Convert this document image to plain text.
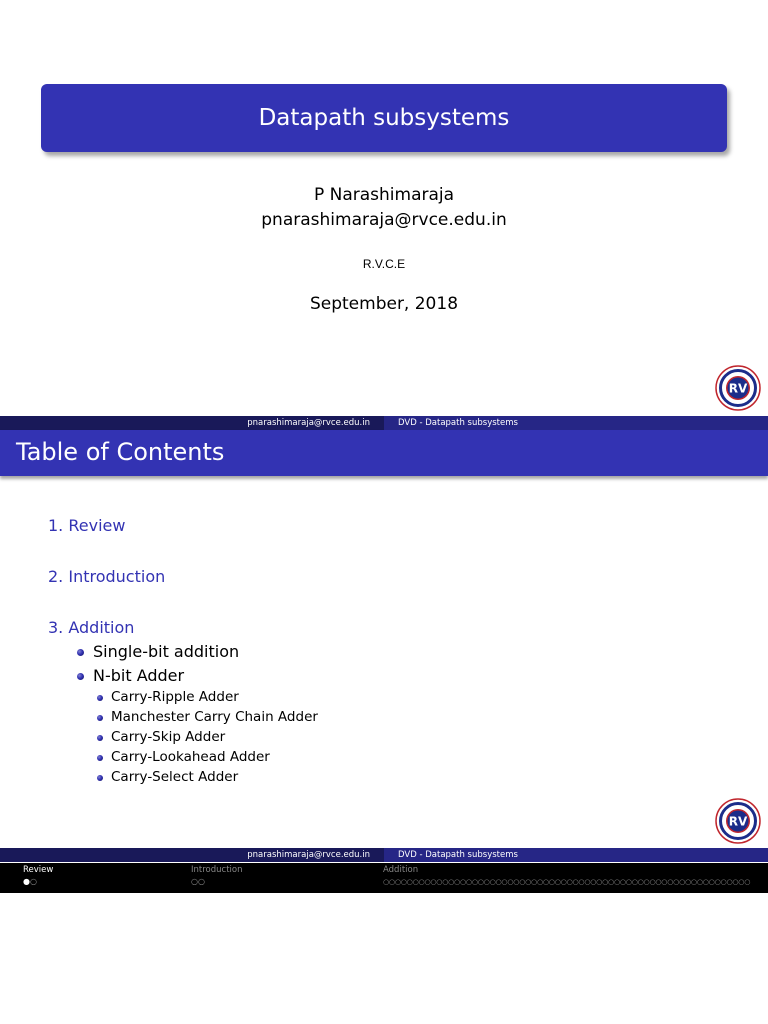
Datapath subsystems
P Narashimaraja
pnarashimaraja@rvce.edu.in
R.V.C.E
September, 2018
RV
pnarashimaraja@rvce.edu.in	DVD - Datapath subsystems
Table of Contents
1. Review
2. Introduction
3. Addition
Single-bit addition
N-bit Adder
Carry-Ripple Adder
Manchester Carry Chain Adder
Carry-Skip Adder
Carry-Lookahead Adder
Carry-Select Adder
RV
pnarashimaraja@rvce.edu.in	DVD - Datapath subsystems
Review
●○
Introduction
○○
Addition
○○○○○○○○○○○○○○○○○○○○○○○○○○○○○○○○○○○○○○○○○○○○○○○○○○○○○○○○○○○○○○
